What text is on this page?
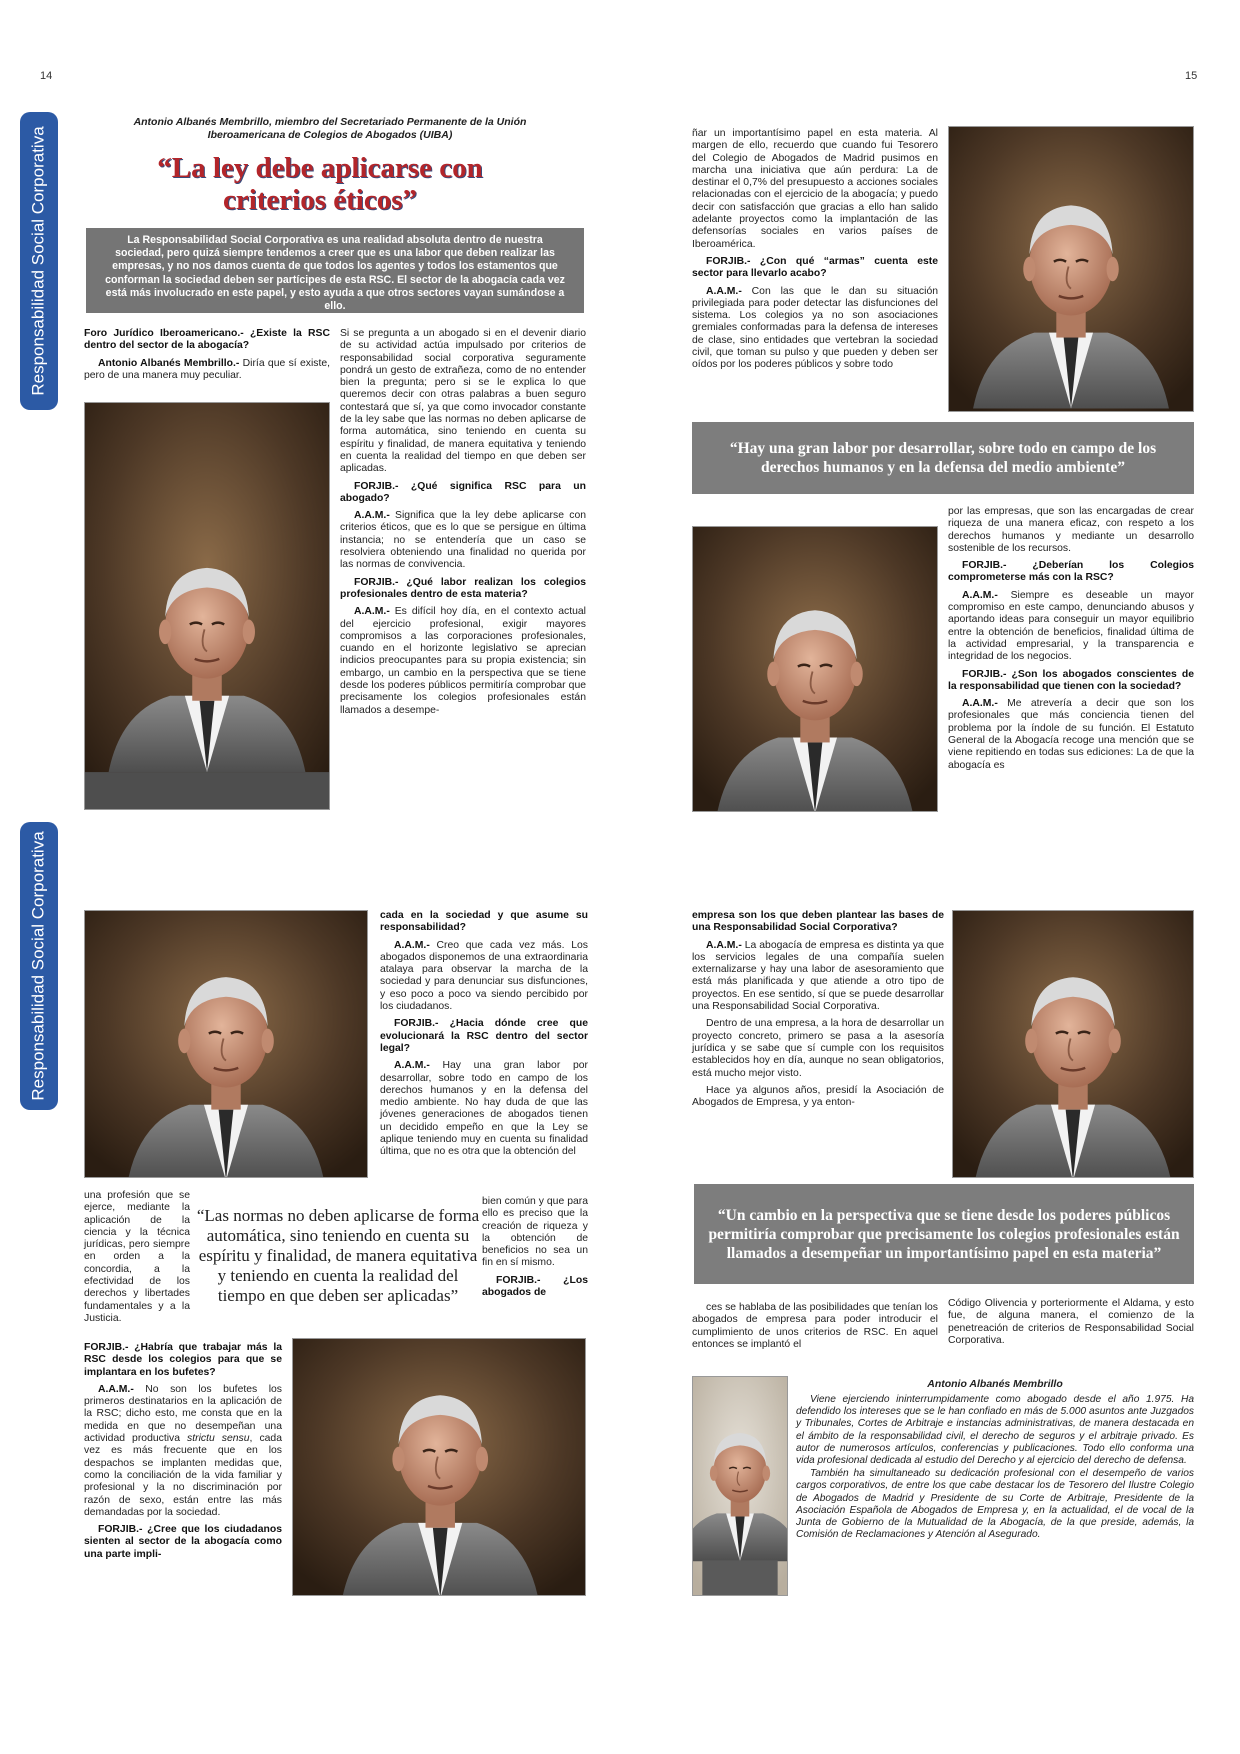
14	15
Responsabilidad Social Corporativa
Responsabilidad Social Corporativa
Antonio Albanés Membrillo, miembro del Secretariado Permanente de la Unión Iberoamericana de Colegios de Abogados (UIBA)
“La ley debe aplicarse con
criterios éticos”
La Responsabilidad Social Corporativa es una realidad absoluta dentro de nuestra sociedad, pero quizá siempre tendemos a creer que es una labor que deben realizar las empresas, y no nos damos cuenta de que todos los agentes y todos los estamentos que conforman la sociedad deben ser partícipes de esta RSC. El sector de la abogacía cada vez está más involucrado en este papel, y esto ayuda a que otros sectores vayan sumándose a ello.

Foro Jurídico Iberoamericano.- ¿Existe la RSC dentro del sector de la abogacía?

Antonio Albanés Membrillo.- Diría que sí existe, pero de una manera muy peculiar.

Si se pregunta a un abogado si en el devenir diario de su actividad actúa impulsado por criterios de responsabilidad social corporativa seguramente pondrá un gesto de extrañeza, como de no entender bien la pregunta; pero si se le explica lo que queremos decir con otras palabras a buen seguro contestará que sí, ya que como invocador constante de la ley sabe que las normas no deben aplicarse de forma automática, sino teniendo en cuenta su espíritu y finalidad, de manera equitativa y teniendo en cuenta la realidad del tiempo en que deben ser aplicadas.

FORJIB.- ¿Qué significa RSC para un abogado?

A.A.M.- Significa que la ley debe aplicarse con criterios éticos, que es lo que se persigue en última instancia; no se entendería que un caso se resolviera obteniendo una finalidad no querida por las normas de convivencia.

FORJIB.- ¿Qué labor realizan los colegios profesionales dentro de esta materia?

A.A.M.- Es difícil hoy día, en el contexto actual del ejercicio profesional, exigir mayores compromisos a las corporaciones profesionales, cuando en el horizonte legislativo se aprecian indicios preocupantes para su propia existencia; sin embargo, un cambio en la perspectiva que se tiene desde los poderes públicos permitiría comprobar que precisamente los colegios profesionales están llamados a desempe-

ñar un importantísimo papel en esta materia. Al margen de ello, recuerdo que cuando fui Tesorero del Colegio de Abogados de Madrid pusimos en marcha una iniciativa que aún perdura: La de destinar el 0,7% del presupuesto a acciones sociales relacionadas con el ejercicio de la abogacía; y puedo decir con satisfacción que gracias a ello han salido adelante proyectos como la implantación de las defensorías sociales en varios países de Iberoamérica.

FORJIB.- ¿Con qué “armas” cuenta este sector para llevarlo acabo?

A.A.M.- Con las que le dan su situación privilegiada para poder detectar las disfunciones del sistema. Los colegios ya no son asociaciones gremiales conformadas para la defensa de intereses de clase, sino entidades que vertebran la sociedad civil, que toman su pulso y que pueden y deben ser oídos por los poderes públicos y sobre todo

“Hay una gran labor por desarrollar, sobre todo en campo de los derechos humanos y en la defensa del medio ambiente”

por las empresas, que son las encargadas de crear riqueza de una manera eficaz, con respeto a los derechos humanos y mediante un desarrollo sostenible de los recursos.

FORJIB.- ¿Deberían los Colegios comprometerse más con la RSC?

A.A.M.- Siempre es deseable un mayor compromiso en este campo, denunciando abusos y aportando ideas para conseguir un mayor equilibrio entre la obtención de beneficios, finalidad última de la actividad empresarial, y la transparencia e integridad de los negocios.

FORJIB.- ¿Son los abogados conscientes de la responsabilidad que tienen con la sociedad?

A.A.M.- Me atrevería a decir que son los profesionales que más conciencia tienen del problema por la índole de su función. El Estatuto General de la Abogacía recoge una mención que se viene repitiendo en todas sus ediciones: La de que la abogacía es

cada en la sociedad y que asume su responsabilidad?

A.A.M.- Creo que cada vez más. Los abogados disponemos de una extraordinaria atalaya para observar la marcha de la sociedad y para denunciar sus disfunciones, y eso poco a poco va siendo percibido por los ciudadanos.

FORJIB.- ¿Hacia dónde cree que evolucionará la RSC dentro del sector legal?

A.A.M.- Hay una gran labor por desarrollar, sobre todo en campo de los derechos humanos y en la defensa del medio ambiente. No hay duda de que las jóvenes generaciones de abogados tienen un decidido empeño en que la Ley se aplique teniendo muy en cuenta su finalidad última, que no es otra que la obtención del

una profesión que se ejerce, mediante la aplicación de la ciencia y la técnica jurídicas, pero siempre en orden a la concordia, a la efectividad de los derechos y libertades fundamentales y a la Justicia.

“Las normas no deben aplicarse de forma automática, sino teniendo en cuenta su espíritu y finalidad, de manera equitativa y teniendo en cuenta la realidad del tiempo en que deben ser aplicadas”

bien común y que para ello es preciso que la creación de riqueza y la obtención de beneficios no sea un fin en sí mismo.

FORJIB.- ¿Los abogados de

FORJIB.- ¿Habría que trabajar más la RSC desde los colegios para que se implantara en los bufetes?

A.A.M.- No son los bufetes los primeros destinatarios en la aplicación de la RSC; dicho esto, me consta que en la medida en que no desempeñan una actividad productiva strictu sensu, cada vez es más frecuente que en los despachos se implanten medidas que, como la conciliación de la vida familiar y profesional y la no discriminación por razón de sexo, están entre las más demandadas por la sociedad.

FORJIB.- ¿Cree que los ciudadanos sienten al sector de la abogacía como una parte impli-

empresa son los que deben plantear las bases de una Responsabilidad Social Corporativa?

A.A.M.- La abogacía de empresa es distinta ya que los servicios legales de una compañía suelen externalizarse y hay una labor de asesoramiento que está más planificada y que atiende a otro tipo de proyectos. En ese sentido, sí que se puede desarrollar una Responsabilidad Social Corporativa.

Dentro de una empresa, a la hora de desarrollar un proyecto concreto, primero se pasa a la asesoría jurídica y se sabe que sí cumple con los requisitos establecidos hoy en día, aunque no sean obligatorios, está mucho mejor visto.

Hace ya algunos años, presidí la Asociación de Abogados de Empresa, y ya enton-

“Un cambio en la perspectiva que se tiene desde los poderes públicos permitiría comprobar que precisamente los colegios profesionales están llamados a desempeñar un importantísimo papel en esta materia”

ces se hablaba de las posibilidades que tenían los abogados de empresa para poder introducir el cumplimiento de unos criterios de RSC. En aquel entonces se implantó el

Código Olivencia y porteriormente el Aldama, y esto fue, de alguna manera, el comienzo de la penetreación de criterios de Responsabilidad Social Corporativa.

Antonio Albanés Membrillo

Viene ejerciendo ininterrumpidamente como abogado desde el año 1.975. Ha defendido los intereses que se le han confiado en más de 5.000 asuntos ante Juzgados y Tribunales, Cortes de Arbitraje e instancias administrativas, de manera destacada en el ámbito de la responsabilidad civil, el derecho de seguros y el arbitraje privado. Es autor de numerosos artículos, conferencias y publicaciones. Todo ello conforma una vida profesional dedicada al estudio del Derecho y al ejercicio del derecho de defensa.

También ha simultaneado su dedicación profesional con el desempeño de varios cargos corporativos, de entre los que cabe destacar los de Tesorero del Ilustre Colegio de Abogados de Madrid y Presidente de su Corte de Arbitraje, Presidente de la Asociación Española de Abogados de Empresa y, en la actualidad, el de vocal de la Junta de Gobierno de la Mutualidad de la Abogacía, de la que preside, además, la Comisión de Reclamaciones y Atención al Asegurado.
